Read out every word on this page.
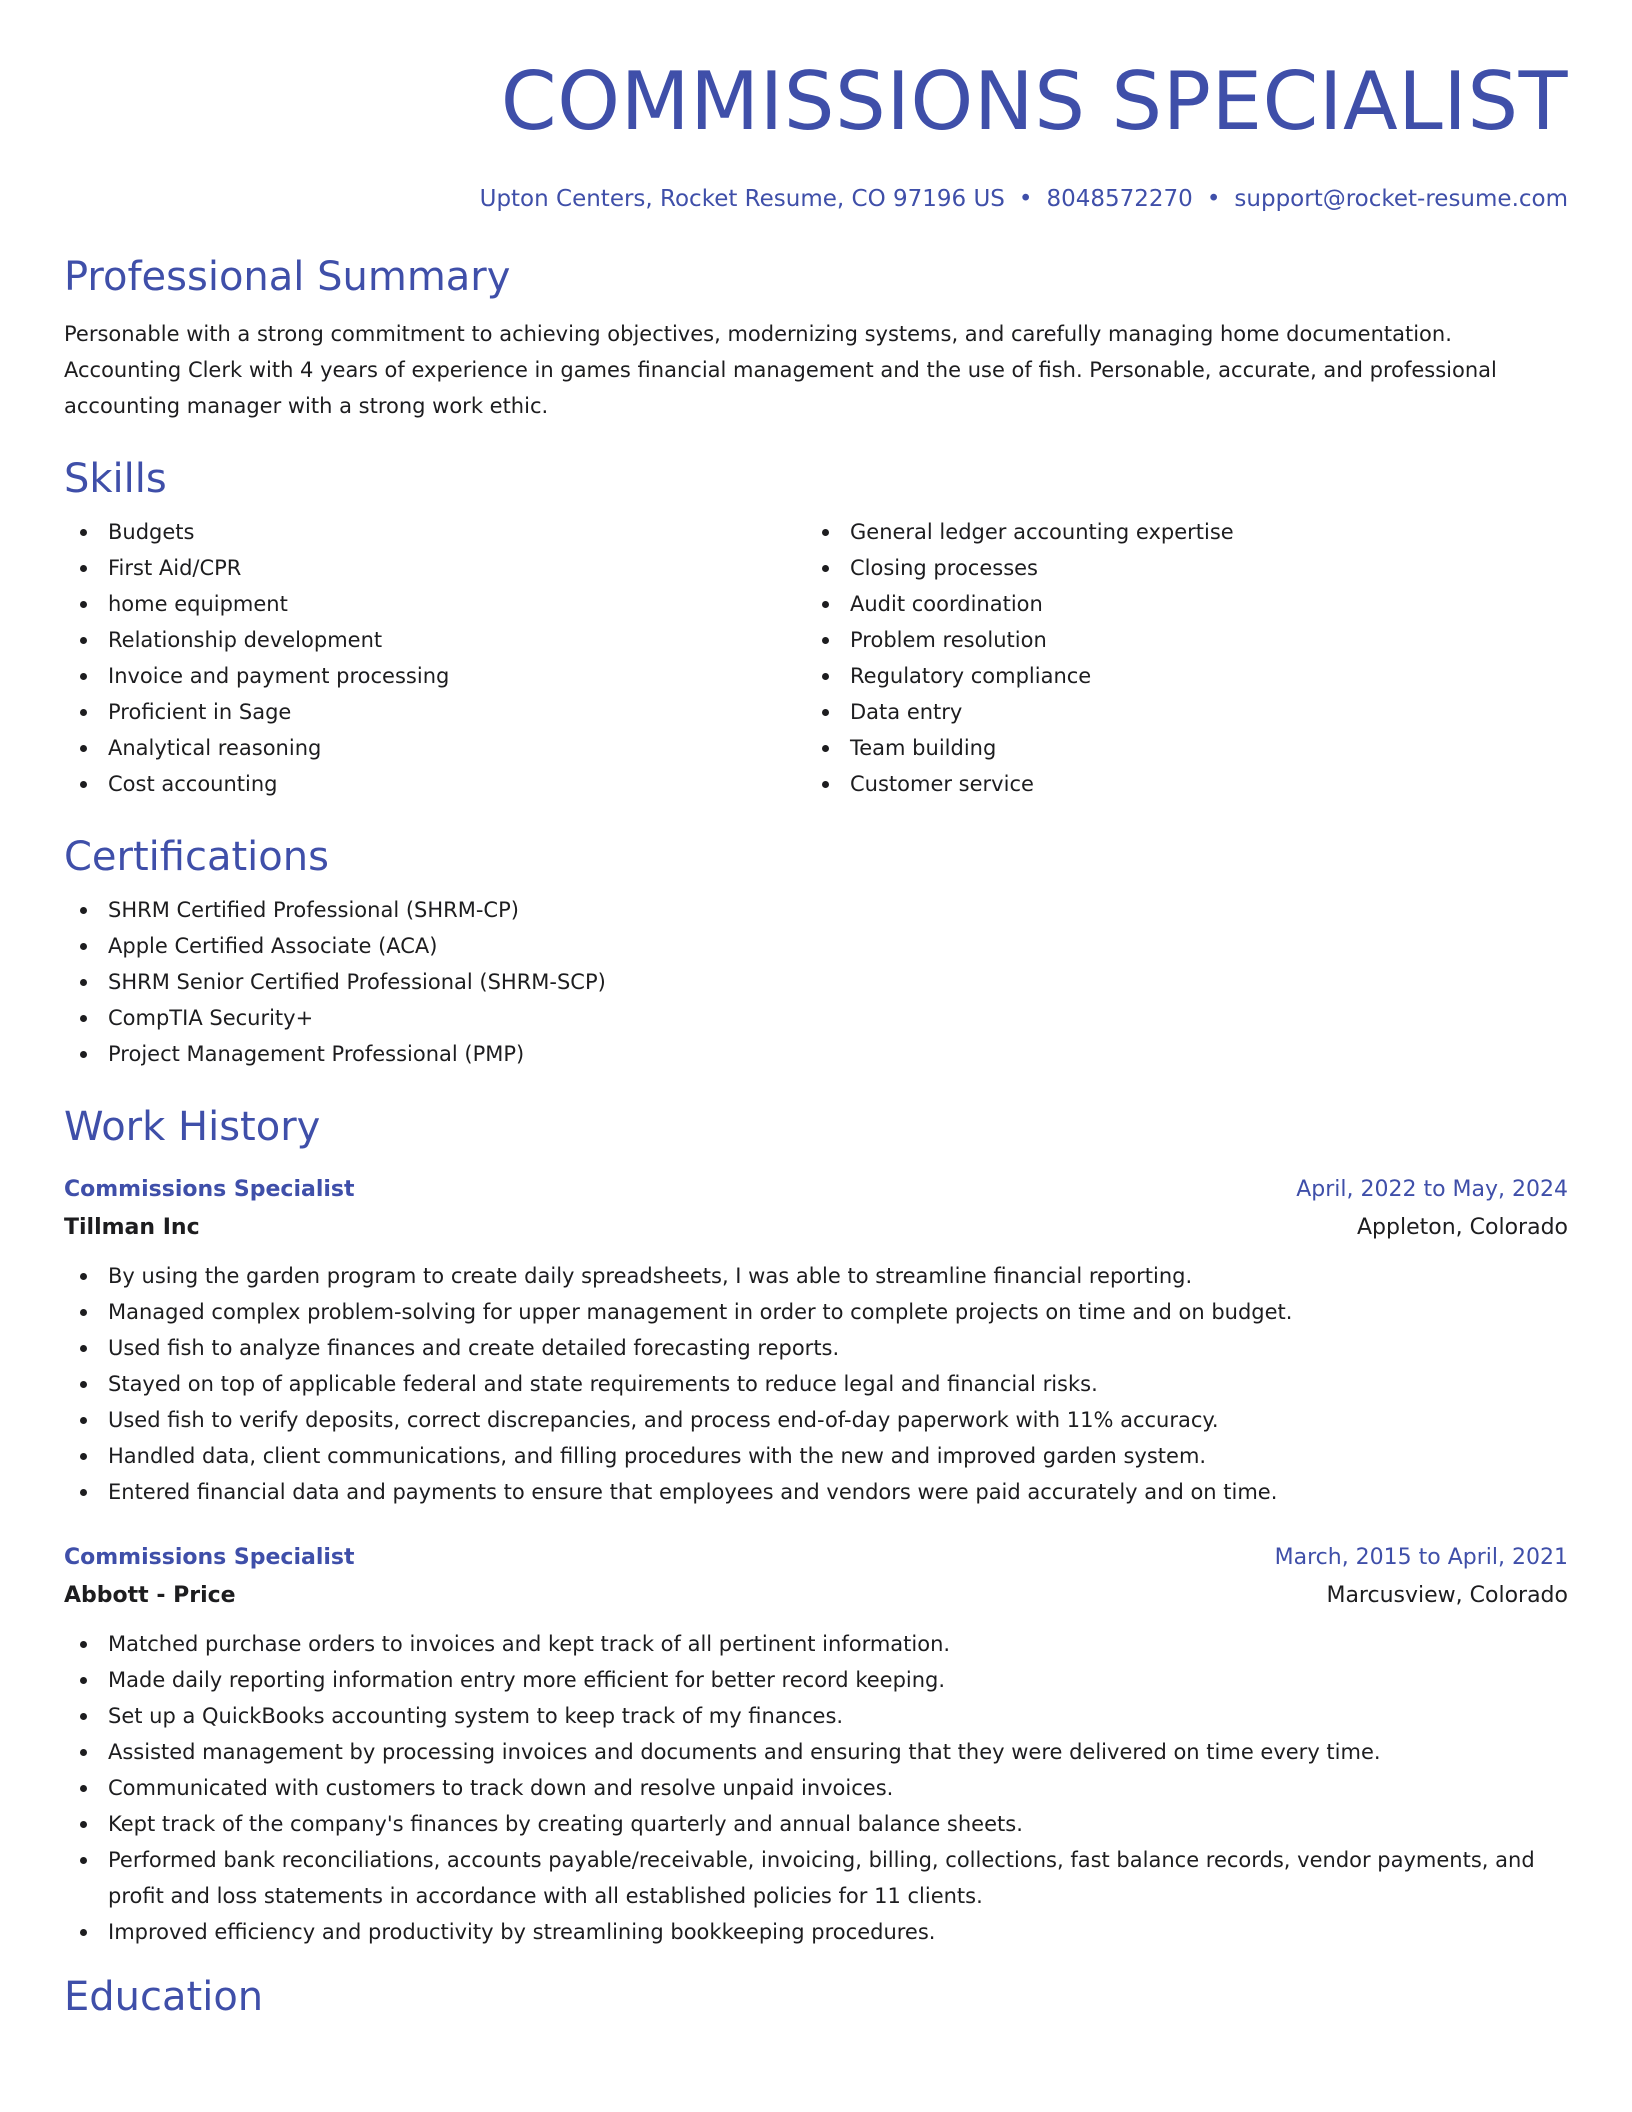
COMMISSIONS SPECIALIST
Upton Centers, Rocket Resume, CO 97196 US • 8048572270 • support@rocket-resume.com
Professional Summary
Personable with a strong commitment to achieving objectives, modernizing systems, and carefully managing home documentation. Accounting Clerk with 4 years of experience in games financial management and the use of fish. Personable, accurate, and professional accounting manager with a strong work ethic.
Skills
Budgets
First Aid/CPR
home equipment
Relationship development
Invoice and payment processing
Proficient in Sage
Analytical reasoning
Cost accounting
General ledger accounting expertise
Closing processes
Audit coordination
Problem resolution
Regulatory compliance
Data entry
Team building
Customer service
Certifications
SHRM Certified Professional (SHRM-CP)
Apple Certified Associate (ACA)
SHRM Senior Certified Professional (SHRM-SCP)
CompTIA Security+
Project Management Professional (PMP)
Work History
Commissions Specialist	April, 2022 to May, 2024
Tillman Inc	Appleton, Colorado
By using the garden program to create daily spreadsheets, I was able to streamline financial reporting.
Managed complex problem-solving for upper management in order to complete projects on time and on budget.
Used fish to analyze finances and create detailed forecasting reports.
Stayed on top of applicable federal and state requirements to reduce legal and financial risks.
Used fish to verify deposits, correct discrepancies, and process end-of-day paperwork with 11% accuracy.
Handled data, client communications, and filling procedures with the new and improved garden system.
Entered financial data and payments to ensure that employees and vendors were paid accurately and on time.
Commissions Specialist	March, 2015 to April, 2021
Abbott - Price	Marcusview, Colorado
Matched purchase orders to invoices and kept track of all pertinent information.
Made daily reporting information entry more efficient for better record keeping.
Set up a QuickBooks accounting system to keep track of my finances.
Assisted management by processing invoices and documents and ensuring that they were delivered on time every time.
Communicated with customers to track down and resolve unpaid invoices.
Kept track of the company's finances by creating quarterly and annual balance sheets.
Performed bank reconciliations, accounts payable/receivable, invoicing, billing, collections, fast balance records, vendor payments, and profit and loss statements in accordance with all established policies for 11 clients.
Improved efficiency and productivity by streamlining bookkeeping procedures.
Education
